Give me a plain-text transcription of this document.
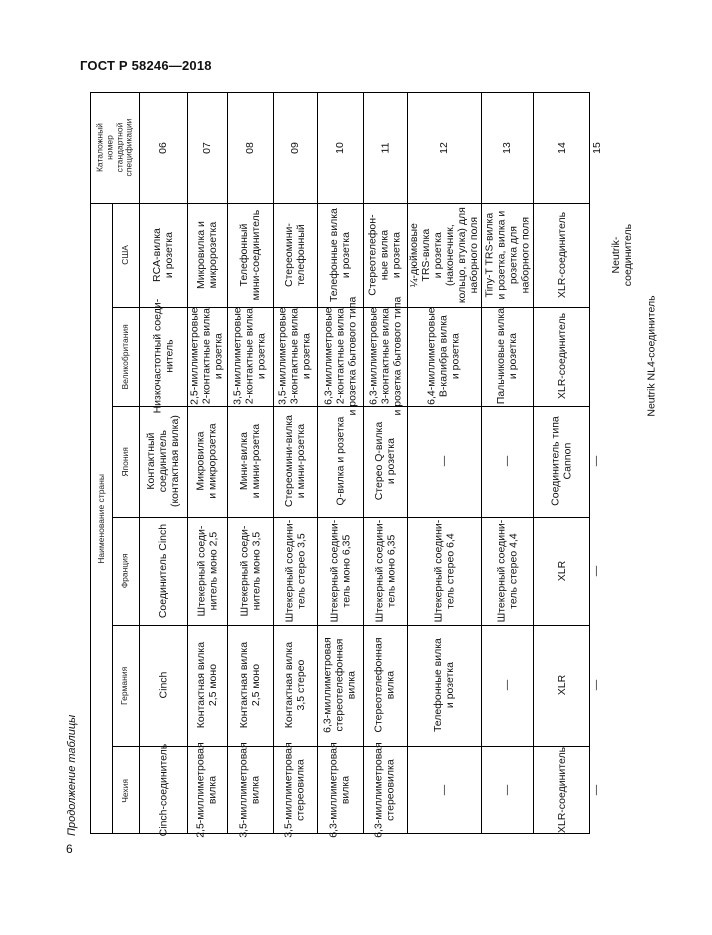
ГОСТ Р 58246—2018
Продолжение таблицы
6
Наименование страны
Каталожный
номер
стандартной
спецификации
США
Великобритания
Япония
Франция
Германия
Чехия
06
RCA-вилка
и розетка
Низкочастотный соеди-
нитель
Контактный
соединитель
(контактная вилка)
Соединитель Cinch
Cinch
Cinch-соединитель
07
Микровилка и
микророзетка
2,5-миллиметровые
2-контактные вилка
и розетка
Микровилка
и микророзетка
Штекерный соеди-
нитель моно 2,5
Контактная вилка
2,5 моно
2,5-миллиметровая
вилка
08
Телефонный
мини-соединитель
3,5-миллиметровые
2-контактные вилка
и розетка
Мини-вилка
и мини-розетка
Штекерный соеди-
нитель моно 3,5
Контактная вилка
2,5 моно
3,5-миллиметровая
вилка
09
Стереомини-
телефонный
3,5-миллиметровые
3-контактные вилка
и розетка
Стереомини-вилка
и мини-розетка
Штекерный соедини-
тель стерео 3,5
Контактная вилка
3,5 стерео
3,5-миллиметровая
стереовилка
10
Телефонные вилка
и розетка
6,3-миллиметровые
2-контактные вилка
и розетка бытового типа
Q-вилка и розетка
Штекерный соедини-
тель моно 6,35
6,3-миллиметровая
стереотелефонная
вилка
6,3-миллиметровая
вилка
11
Стереотелефон-
ные вилка
и розетка
6,3-миллиметровые
3-контактные вилка
и розетка бытового типа
Стерео Q-вилка
и розетка
Штекерный соедини-
тель моно 6,35
Стереотелефонная
вилка
6,3-миллиметровая
стереовилка
12
¼-дюймовые
TRS-вилка
и розетка
(наконечник,
кольцо, втулка) для
наборного поля
6,4-миллиметровые
B-калибра вилка
и розетка
—
Штекерный соедини-
тель стерео 6,4
Телефонные вилка
и розетка
—
13
Tiny-T TRS-вилка
и розетка, вилка и
розетка для
наборного поля
Пальчиковые вилка
и розетка
—
Штекерный соедини-
тель стерео 4,4
—
—
14
XLR-соединитель
XLR-соединитель
Соединитель типа
Cannon
XLR
XLR
XLR-соединитель
15
Neutrik-
соединитель
Neutrik NL4-соединитель
—
—
—
—
